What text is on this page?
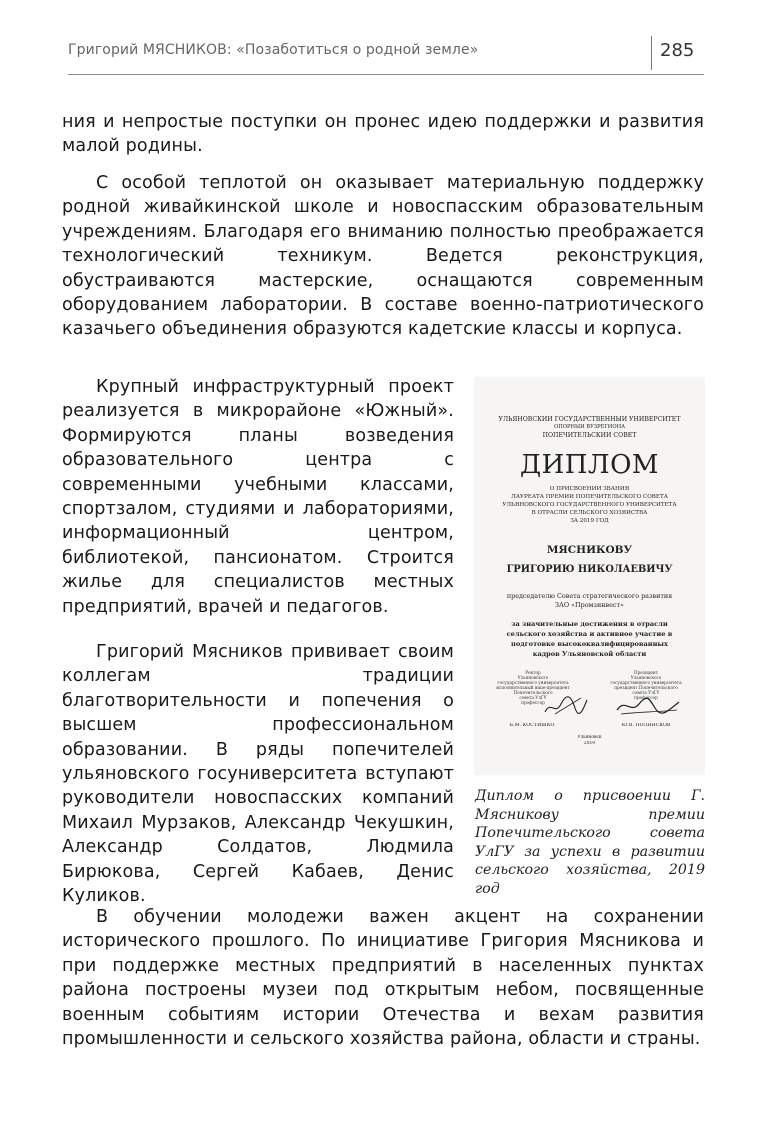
Григорий МЯСНИКОВ: «Позаботиться о родной земле»	285

ния и непростые поступки он пронес идею поддержки и развития малой родины.

С особой теплотой он оказывает материальную поддержку родной живайкинской школе и новоспасским образовательным учреждениям. Благодаря его вниманию полностью преображается технологический техникум. Ведется реконструкция, обустраиваются мастерские, оснащаются современным оборудованием лаборатории. В составе военно-патриотического казачьего объединения образуются кадетские классы и корпуса.

Крупный инфраструктурный проект реализуется в микрорайоне «Южный». Формируются планы возведения образовательного центра с современными учебными классами, спортзалом, студиями и лабораториями, информационный центром, библиотекой, пансионатом. Строится жилье для специалистов местных предприятий, врачей и педагогов.

Григорий Мясников прививает своим коллегам традиции благотворительности и попечения о высшем профессиональном образовании. В ряды попечителей ульяновского госуниверситета вступают руководители новоспасских компаний Михаил Мурзаков, Александр Чекушкин, Александр Солдатов, Людмила Бирюкова, Сергей Кабаев, Денис Куликов.

В обучении молодежи важен акцент на сохранении исторического прошлого. По инициативе Григория Мясникова и при поддержке местных предприятий в населенных пунктах района построены музеи под открытым небом, посвященные военным событиям истории Отечества и вехам развития промышленности и сельского хозяйства района, области и страны.

УЛЬЯНОВСКИЙ ГОСУДАРСТВЕННЫЙ УНИВЕРСИТЕТ
ОПОРНЫЙ ВУЗРЕГИОНА
ПОПЕЧИТЕЛЬСКИЙ СОВЕТ
ДИПЛОМ
О ПРИСВОЕНИИ ЗВАНИЯ
ЛАУРЕАТА ПРЕМИИ ПОПЕЧИТЕЛЬСКОГО СОВЕТА
УЛЬЯНОВСКОГО ГОСУДАРСТВЕННОГО УНИВЕРСИТЕТА
В ОТРАСЛИ СЕЛЬСКОГО ХОЗЯЙСТВА
ЗА 2019 ГОД
МЯСНИКОВУ
ГРИГОРИЮ НИКОЛАЕВИЧУ
председателю Совета стратегического развития
ЗАО «Промзинвест»
за значительные достижения в отрасли
сельского хозяйства и активное участие в
подготовке высококвалифицированных
кадров Ульяновской области
Ректор
Ульяновского
государственного университета
исполнительный вице-президент Попечительского
совета УлГУ
профессор
Президент
Ульяновского
государственного университета
президент Попечительского
совета УлГУ
профессор
Б.М. КОСТИШКО	Ю.В. ПОЛЯНСКОВ
Ульяновск
2019

Диплом о присвоении Г. Мясникову премии Попечительского совета УлГУ за успехи в развитии сельского хозяйства, 2019 год
